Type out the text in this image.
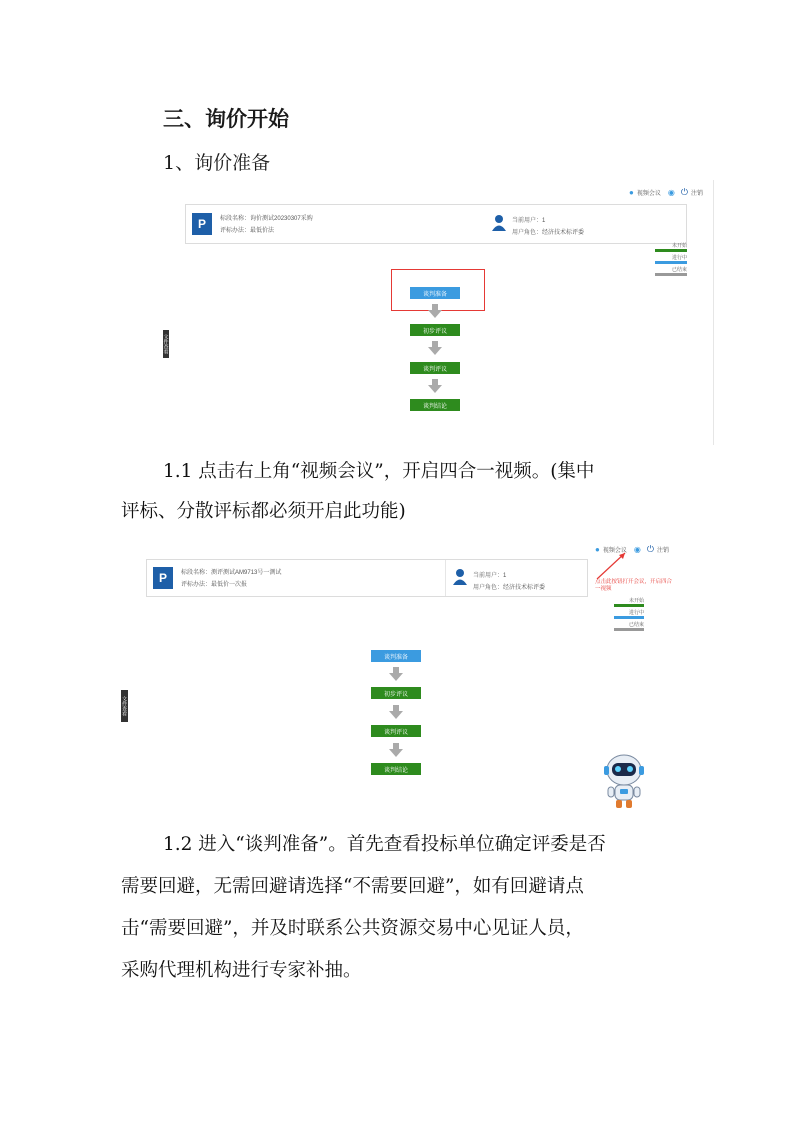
三、询价开始
1、询价准备
● 视频会议 ◉ ⏻ 注销
P	标段名称：询价测试20230307采购
评标办法：最低价法
当前用户：1
用户角色：经济技术标评委
未开始
进行中
已结束
文件查看
谈判准备
初步评议
谈判评议
谈判结论
1.1 点击右上角“视频会议”，开启四合一视频。(集中
评标、分散评标都必须开启此功能)
● 视频会议 ◉ ⏻ 注销
P	标段名称：测评测试AM9713号一测试
评标办法：最低价一次报
当前用户：1
用户角色：经济技术标评委
点击此按钮打开会议，开启四合一视频
未开始
进行中
已结束
文件查看
谈判准备
初步评议
谈判评议
谈判结论
1.2 进入“谈判准备”。首先查看投标单位确定评委是否
需要回避，无需回避请选择“不需要回避”，如有回避请点
击“需要回避”，并及时联系公共资源交易中心见证人员，
采购代理机构进行专家补抽。
